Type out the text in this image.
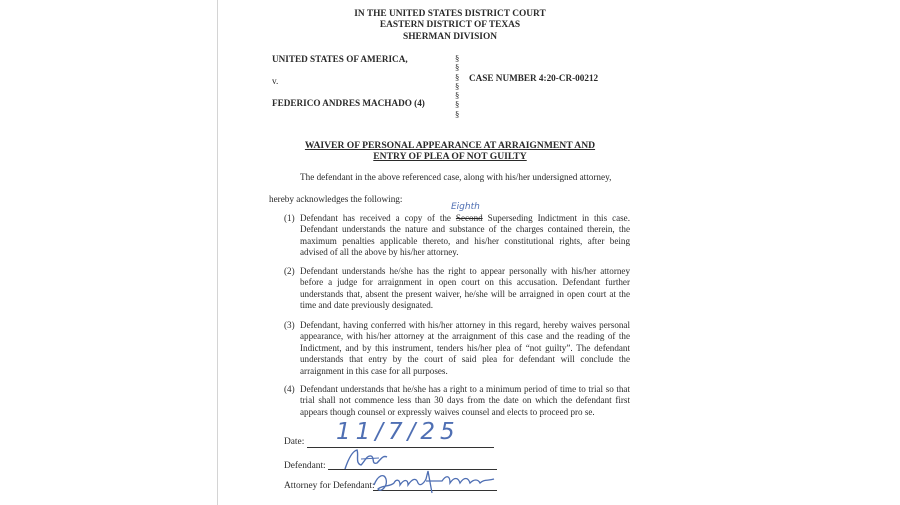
IN THE UNITED STATES DISTRICT COURT
EASTERN DISTRICT OF TEXAS
SHERMAN DIVISION
UNITED STATES OF AMERICA,
v.
FEDERICO ANDRES MACHADO (4)
§
§
§
§
§
§
§
CASE NUMBER 4:20-CR-00212
WAIVER OF PERSONAL APPEARANCE AT ARRAIGNMENT AND
ENTRY OF PLEA OF NOT GUILTY
The defendant in the above referenced case, along with his/her undersigned attorney,
hereby acknowledges the following:
(1) Defendant has received a copy of the Second Superseding Indictment in this case. Defendant understands the nature and substance of the charges contained therein, the maximum penalties applicable thereto, and his/her constitutional rights, after being advised of all the above by his/her attorney.
Eighth
(2) Defendant understands he/she has the right to appear personally with his/her attorney before a judge for arraignment in open court on this accusation. Defendant further understands that, absent the present waiver, he/she will be arraigned in open court at the time and date previously designated.
(3) Defendant, having conferred with his/her attorney in this regard, hereby waives personal appearance, with his/her attorney at the arraignment of this case and the reading of the Indictment, and by this instrument, tenders his/her plea of “not guilty”. The defendant understands that entry by the court of said plea for defendant will conclude the arraignment in this case for all purposes.
(4) Defendant understands that he/she has a right to a minimum period of time to trial so that trial shall not commence less than 30 days from the date on which the defendant first appears though counsel or expressly waives counsel and elects to proceed pro se.
Date: 11/7/25
Defendant:
Attorney for Defendant:
